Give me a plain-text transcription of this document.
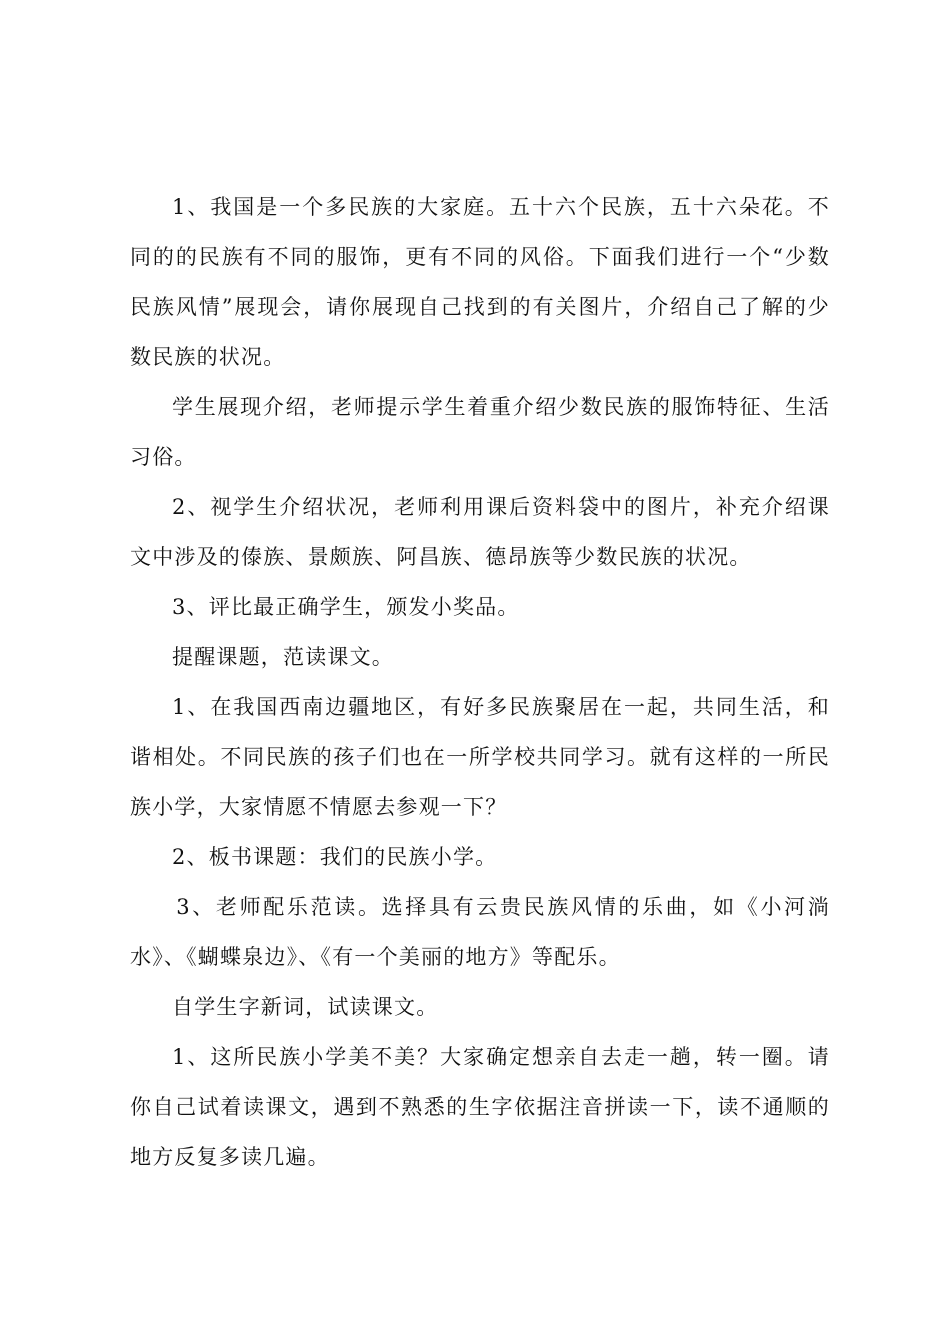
1、我国是一个多民族的大家庭。五十六个民族，五十六朵花。不同的的民族有不同的服饰，更有不同的风俗。下面我们进行一个“少数民族风情”展现会，请你展现自己找到的有关图片，介绍自己了解的少数民族的状况。

学生展现介绍，老师提示学生着重介绍少数民族的服饰特征、生活习俗。

2、视学生介绍状况，老师利用课后资料袋中的图片，补充介绍课文中涉及的傣族、景颇族、阿昌族、德昂族等少数民族的状况。

3、评比最正确学生，颁发小奖品。

提醒课题，范读课文。

1、在我国西南边疆地区，有好多民族聚居在一起，共同生活，和谐相处。不同民族的孩子们也在一所学校共同学习。就有这样的一所民族小学，大家情愿不情愿去参观一下？

2、板书课题：我们的民族小学。

3、老师配乐范读。选择具有云贵民族风情的乐曲，如《小河淌水》、《蝴蝶泉边》、《有一个美丽的地方》等配乐。

自学生字新词，试读课文。

1、这所民族小学美不美？大家确定想亲自去走一趟，转一圈。请你自己试着读课文，遇到不熟悉的生字依据注音拼读一下，读不通顺的地方反复多读几遍。
